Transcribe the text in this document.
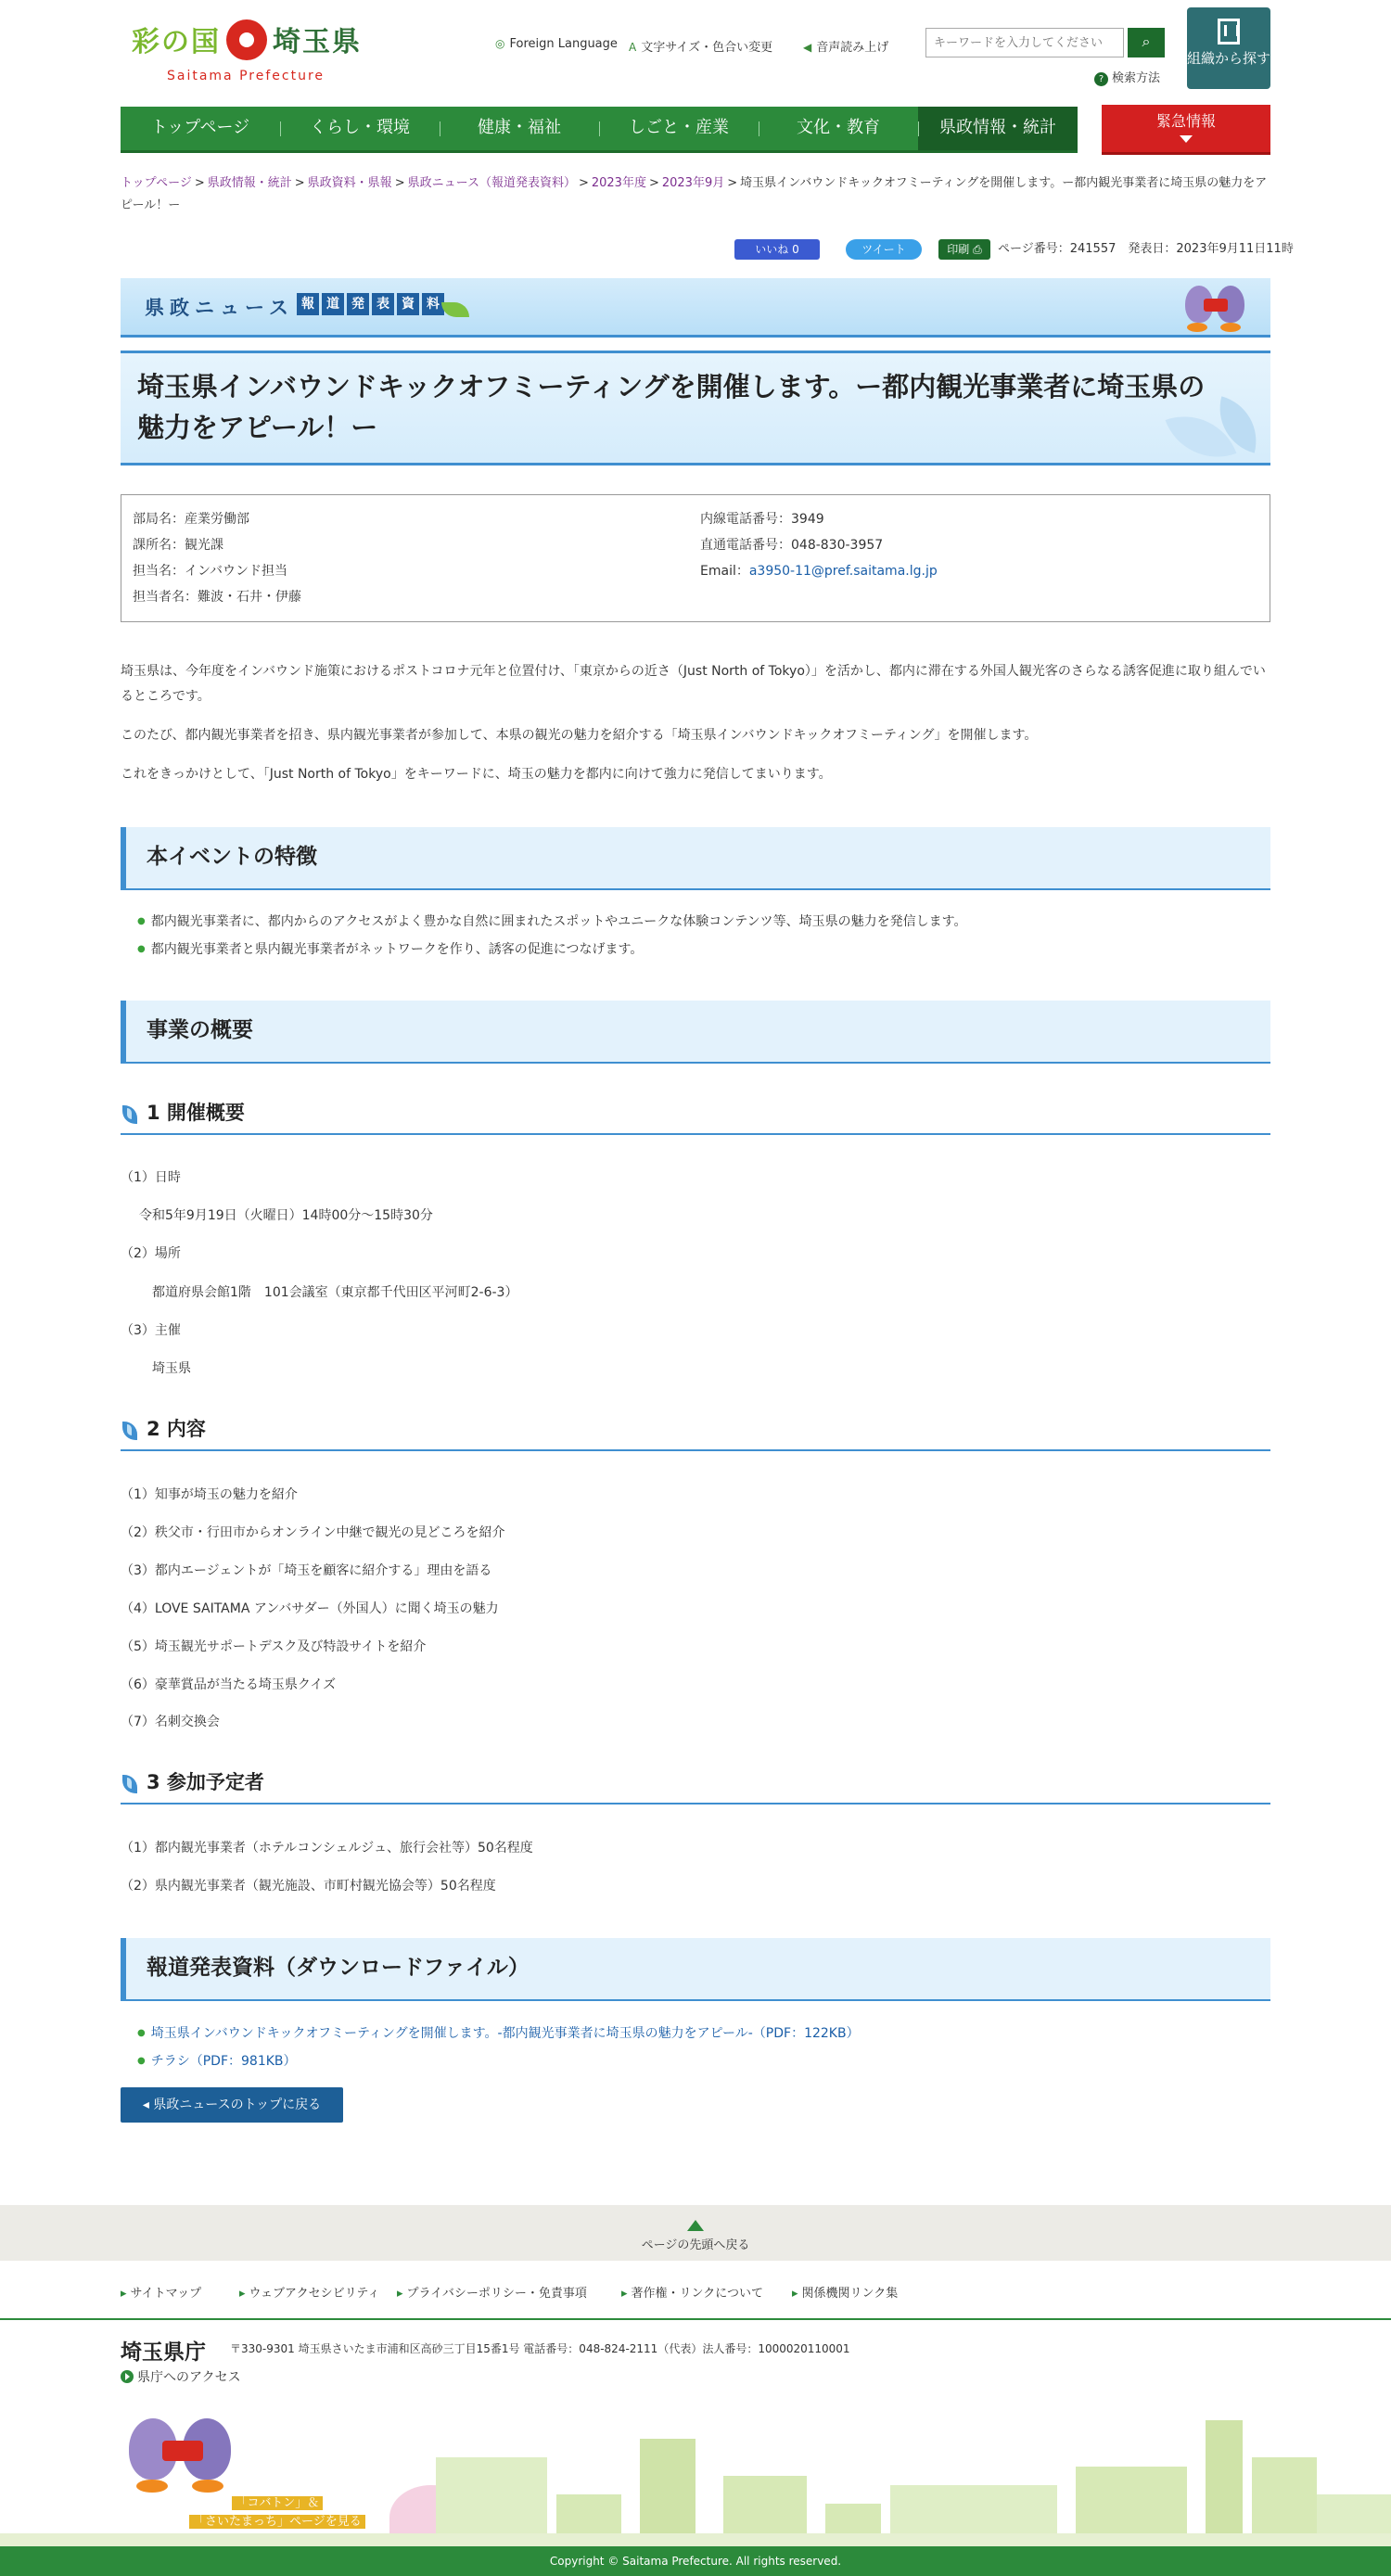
彩の国 埼玉県
Saitama Prefecture
◎ Foreign Language A 文字サイズ・色合い変更	◀ 音声読み上げ
キーワードを入力してください	⌕
? 検索方法
組織から探す
トップページ	くらし・環境	健康・福祉	しごと・産業	文化・教育	県政情報・統計	緊急情報
トップページ > 県政情報・統計 > 県政資料・県報 > 県政ニュース（報道発表資料） > 2023年度 > 2023年9月 > 埼玉県インバウンドキックオフミーティングを開催します。ー都内観光事業者に埼玉県の魅力をアピール！ー
いいね 0	ツイート	印刷 ⎙	ページ番号：241557　 発表日：2023年9月11日11時
県政ニュース 報 道 発 表 資 料
埼玉県インバウンドキックオフミーティングを開催します。ー都内観光事業者に埼玉県の魅力をアピール！ー
部局名：産業労働部
課所名：観光課
担当名：インバウンド担当
担当者名：難波・石井・伊藤
内線電話番号：3949
直通電話番号：048-830-3957
Email：a3950-11@pref.saitama.lg.jp
埼玉県は、今年度をインバウンド施策におけるポストコロナ元年と位置付け、「東京からの近さ（Just North of Tokyo）」を活かし、都内に滞在する外国人観光客のさらなる誘客促進に取り組んでいるところです。
このたび、都内観光事業者を招き、県内観光事業者が参加して、本県の観光の魅力を紹介する「埼玉県インバウンドキックオフミーティング」を開催します。
これをきっかけとして、「Just North of Tokyo」をキーワードに、埼玉の魅力を都内に向けて強力に発信してまいります。
本イベントの特徴
● 都内観光事業者に、都内からのアクセスがよく豊かな自然に囲まれたスポットやユニークな体験コンテンツ等、埼玉県の魅力を発信します。
● 都内観光事業者と県内観光事業者がネットワークを作り、誘客の促進につなげます。
事業の概要
1 開催概要
（1）日時
令和5年9月19日（火曜日）14時00分～15時30分
（2）場所
都道府県会館1階　101会議室（東京都千代田区平河町2-6-3）
（3）主催
埼玉県
2 内容
（1）知事が埼玉の魅力を紹介
（2）秩父市・行田市からオンライン中継で観光の見どころを紹介
（3）都内エージェントが「埼玉を顧客に紹介する」理由を語る
（4）LOVE SAITAMA アンバサダー（外国人）に聞く埼玉の魅力
（5）埼玉観光サポートデスク及び特設サイトを紹介
（6）豪華賞品が当たる埼玉県クイズ
（7）名刺交換会
3 参加予定者
（1）都内観光事業者（ホテルコンシェルジュ、旅行会社等）50名程度
（2）県内観光事業者（観光施設、市町村観光協会等）50名程度
報道発表資料（ダウンロードファイル）
● 埼玉県インバウンドキックオフミーティングを開催します。-都内観光事業者に埼玉県の魅力をアピール-（PDF：122KB）
● チラシ（PDF：981KB）
◂ 県政ニュースのトップに戻る
ページの先頭へ戻る
▸ サイトマップ	▸ ウェブアクセシビリティ	▸ プライバシーポリシー・免責事項	▸ 著作権・リンクについて	▸ 関係機関リンク集
埼玉県庁 〒330-9301 埼玉県さいたま市浦和区高砂三丁目15番1号 電話番号：048-824-2111（代表）法人番号：1000020110001
県庁へのアクセス
「コバトン」＆
「さいたまっち」ページを見る
Copyright © Saitama Prefecture. All rights reserved.
